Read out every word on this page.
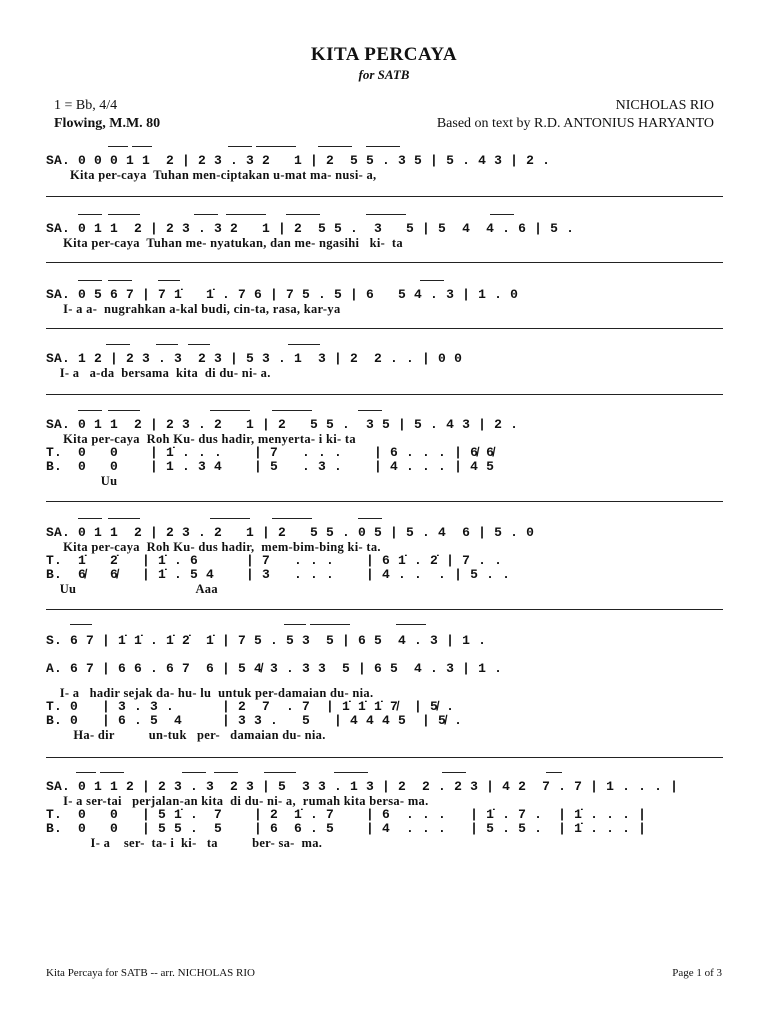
KITA PERCAYA
for SATB
1 = Bb, 4/4
Flowing, M.M. 80
NICHOLAS RIO
Based on text by R.D. ANTONIUS HARYANTO
SA. 0 0 0 1 1  2 | 2 3 . 3 2   1 | 2  5 5 . 3 5 | 5 . 4 3 | 2 .
Kita per-caya  Tuhan men-ciptakan u-mat ma- nusi- a,
SA. 0 1 1  2 | 2 3 . 3 2   1 | 2  5 5 .  3   5 | 5  4  4 . 6 | 5 .
Kita per-caya  Tuhan me- nyatukan, dan me- ngasihi   ki-  ta
SA. 0 5 6 7 | 7 1̇   1̇ . 7 6 | 7 5 . 5 | 6   5 4 . 3 | 1 . 0
I- a a-  nugrahkan a-kal budi, cin-ta, rasa, kar-ya
SA. 1 2 | 2 3 . 3  2 3 | 5 3 . 1  3 | 2  2 . . | 0 0
I- a   a-da  bersama  kita  di du- ni- a.
SA. 0 1 1  2 | 2 3 . 2   1 | 2   5 5 .  3 5 | 5 . 4 3 | 2 .
Kita per-caya  Roh Ku- dus hadir, menyerta- i ki- ta
T.  0   0    | 1̇ . . .    | 7   . . .    | 6 . . . | 6̸ 6̸
B.  0   0    | 1 . 3 4    | 5   . 3 .    | 4 . . . | 4 5
Uu
SA. 0 1 1  2 | 2 3 . 2   1 | 2   5 5 . 0 5 | 5 . 4  6 | 5 . 0
Kita per-caya  Roh Ku- dus hadir,  mem-bim-bing ki- ta.
T.  1̇   2̇   | 1̇ . 6      | 7   . . .    | 6 1̇ . 2̇ | 7 . .
B.  6̸   6̸   | 1̇ . 5 4    | 3   . . .    | 4 . .  . | 5 . .
Uu                                   Aaa
S. 6 7 | 1̇ 1̇ . 1̇ 2̇  1̇ | 7 5 . 5 3  5 | 6 5  4 . 3 | 1 .
A. 6 7 | 6 6 . 6 7  6 | 5 4̸ 3 . 3 3  5 | 6 5  4 . 3 | 1 .
I- a   hadir sejak da- hu- lu  untuk per-damaian du- nia.
T. 0   | 3 . 3 .      | 2  7  . 7  | 1̇ 1̇ 1̇ 7̸  | 5̸ .
B. 0   | 6 . 5  4     | 3 3 .   5   | 4 4 4 5  | 5̸ .
Ha- dir          un-tuk   per-   damaian du- nia.
SA. 0 1 1 2 | 2 3 . 3  2 3 | 5  3 3 . 1 3 | 2  2 . 2 3 | 4 2  7 . 7 | 1 . . . |
I- a ser-tai   perjalan-an kita  di du- ni- a,  rumah kita bersa- ma.
T.  0   0   | 5 1̇ .  7    | 2  1̇ . 7    | 6  . . .   | 1̇ . 7 .  | 1̇ . . . |
B.  0   0   | 5 5 .  5    | 6  6 . 5    | 4  . . .   | 5 . 5 .  | 1̇ . . . |
I- a    ser-  ta- i  ki-   ta          ber- sa-  ma.
Kita Percaya for SATB -- arr. NICHOLAS RIO	Page 1 of 3
